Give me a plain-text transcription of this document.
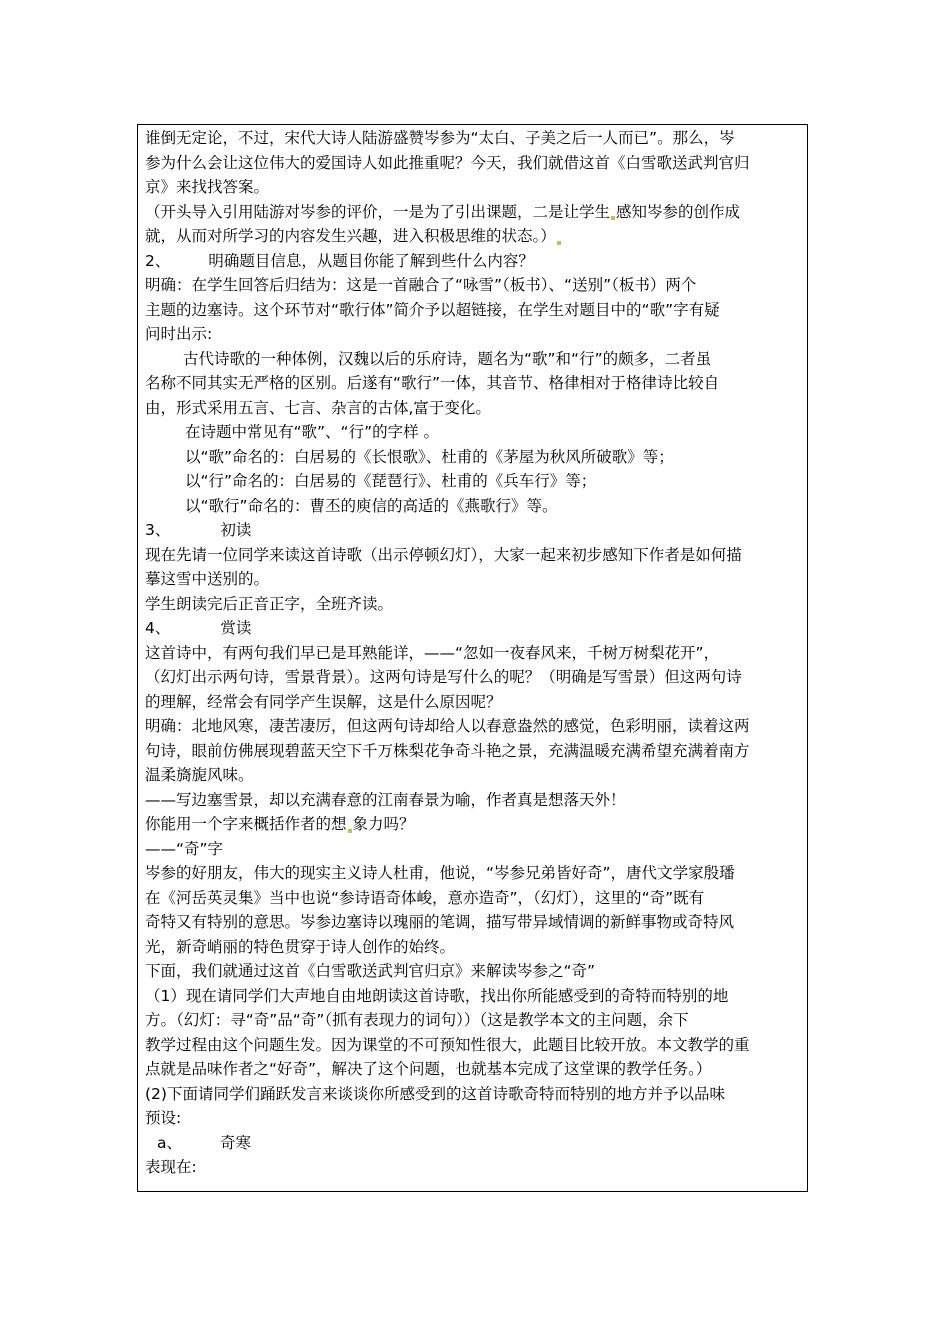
谁倒无定论，不过，宋代大诗人陆游盛赞岑参为“太白、子美之后一人而已”。那么，岑
参为什么会让这位伟大的爱国诗人如此推重呢？今天，我们就借这首《白雪歌送武判官归
京》来找找答案。
（开头导入引用陆游对岑参的评价，一是为了引出课题，二是让学生 感知岑参的创作成
就，从而对所学习的内容发生兴趣，进入积极思维的状态。）
2、 明确题目信息，从题目你能了解到些什么内容？
明确：在学生回答后归结为：这是一首融合了“咏雪”（板书）、“送别”（板书）两个
主题的边塞诗。这个环节对“歌行体”简介予以超链接，在学生对题目中的“歌”字有疑
问时出示:
古代诗歌的一种体例，汉魏以后的乐府诗，题名为“歌”和“行”的颇多，二者虽
名称不同其实无严格的区别。后遂有“歌行”一体，其音节、格律相对于格律诗比较自
由，形式采用五言、七言、杂言的古体,富于变化。
在诗题中常见有“歌”、“行”的字样 。
以“歌”命名的：白居易的《长恨歌》、杜甫的《茅屋为秋风所破歌》等；
以“行”命名的：白居易的《琵琶行》、杜甫的《兵车行》等；
以“歌行”命名的：曹丕的庾信的高适的《燕歌行》等。
3、	初读
现在先请一位同学来读这首诗歌（出示停顿幻灯），大家一起来初步感知下作者是如何描
摹这雪中送别的。
学生朗读完后正音正字，全班齐读。
4、	赏读
这首诗中，有两句我们早已是耳熟能详，——“忽如一夜春风来，千树万树梨花开”，
（幻灯出示两句诗，雪景背景）。这两句诗是写什么的呢？（明确是写雪景）但这两句诗
的理解，经常会有同学产生误解，这是什么原因呢？
明确：北地风寒，凄苦凄厉，但这两句诗却给人以春意盎然的感觉，色彩明丽，读着这两
句诗，眼前仿佛展现碧蓝天空下千万株梨花争奇斗艳之景，充满温暖充满希望充满着南方
温柔旖旎风味。
——写边塞雪景，却以充满春意的江南春景为喻，作者真是想落天外！
你能用一个字来概括作者的想 象力吗？
——“奇”字
岑参的好朋友，伟大的现实主义诗人杜甫，他说，“岑参兄弟皆好奇”，唐代文学家殷璠
在《河岳英灵集》当中也说“参诗语奇体峻，意亦造奇”，（幻灯），这里的“奇”既有
奇特又有特别的意思。岑参边塞诗以瑰丽的笔调，描写带异域情调的新鲜事物或奇特风
光，新奇峭丽的特色贯穿于诗人创作的始终。
下面，我们就通过这首《白雪歌送武判官归京》来解读岑参之“奇”
（1）现在请同学们大声地自由地朗读这首诗歌，找出你所能感受到的奇特而特别的地
方。（幻灯：寻“奇”品“奇”（抓有表现力的词句））（这是教学本文的主问题，余下
教学过程由这个问题生发。因为课堂的不可预知性很大，此题目比较开放。本文教学的重
点就是品味作者之“好奇”，解决了这个问题，也就基本完成了这堂课的教学任务。）
(2)下面请同学们踊跃发言来谈谈你所感受到的这首诗歌奇特而特别的地方并予以品味
预设:
a、 奇寒
表现在:
